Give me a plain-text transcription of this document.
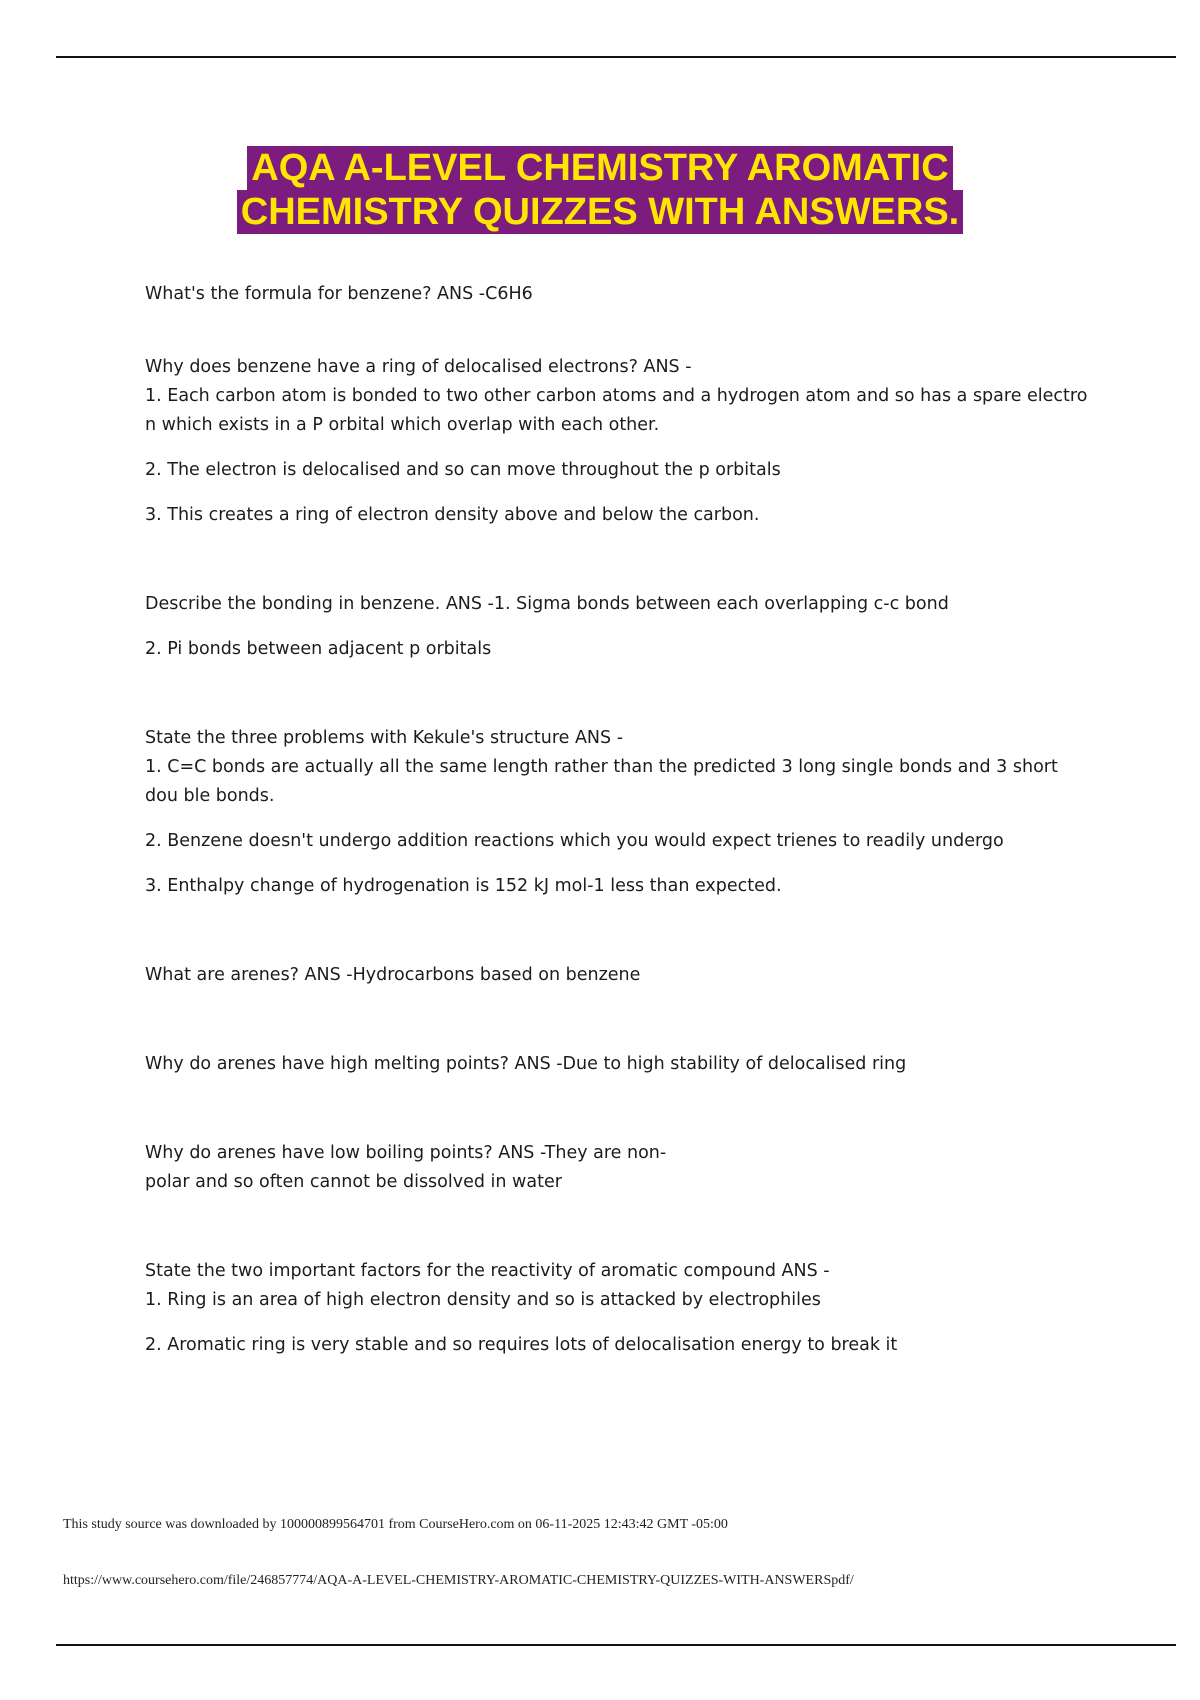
AQA A-LEVEL CHEMISTRY AROMATIC
CHEMISTRY QUIZZES WITH ANSWERS.

What's the formula for benzene? ANS -C6H6

Why does benzene have a ring of delocalised electrons? ANS -

1. Each carbon atom is bonded to two other carbon atoms and a hydrogen atom and so has a spare electro n which exists in a P orbital which overlap with each other.

2. The electron is delocalised and so can move throughout the p orbitals

3. This creates a ring of electron density above and below the carbon.

Describe the bonding in benzene. ANS -1. Sigma bonds between each overlapping c-c bond

2. Pi bonds between adjacent p orbitals

State the three problems with Kekule's structure ANS -

1. C=C bonds are actually all the same length rather than the predicted 3 long single bonds and 3 short dou ble bonds.

2. Benzene doesn't undergo addition reactions which you would expect trienes to readily undergo

3. Enthalpy change of hydrogenation is 152 kJ mol-1 less than expected.

What are arenes? ANS -Hydrocarbons based on benzene

Why do arenes have high melting points? ANS -Due to high stability of delocalised ring

Why do arenes have low boiling points? ANS -They are non- polar and so often cannot be dissolved in water

State the two important factors for the reactivity of aromatic compound ANS -

1. Ring is an area of high electron density and so is attacked by electrophiles

2. Aromatic ring is very stable and so requires lots of delocalisation energy to break it

This study source was downloaded by 100000899564701 from CourseHero.com on 06-11-2025 12:43:42 GMT -05:00
https://www.coursehero.com/file/246857774/AQA-A-LEVEL-CHEMISTRY-AROMATIC-CHEMISTRY-QUIZZES-WITH-ANSWERSpdf/
